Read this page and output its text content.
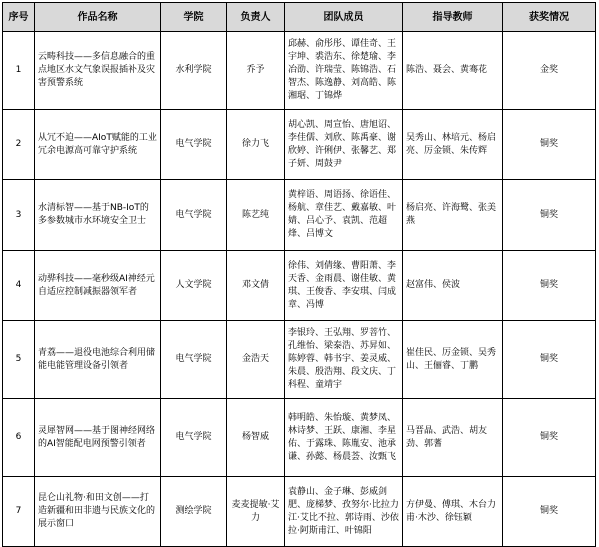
序号	作品名称	学院	负责人	团队成员	指导教师	获奖情况
1	云畴科技——多信息融合的重点地区水文气象误报插补及灾害预警系统	水利学院	乔予	邱赫、俞彤彤、谭佳奇、王宇坤、裘浩东、徐楚瑜、李冶劭、许瑞莹、陈锦浩、石智杰、陈逸静、刘高皓、陈湘琚、丁锦烨	陈浩、聂会、黄骞花	金奖
2	从冗不迫——AIoT赋能的工业冗余电源高可靠守护系统	电气学院	徐力飞	胡心凯、周宣怡、唐旭诏、李佳儒、刘欣、陈禹豪、谢欣婷、许俐伊、张馨艺、郑子妍、周鼓尹	吴秀山、林培元、杨启亮、厉金锁、朱传辉	铜奖
3	水清标智——基于NB-IoT的多参数城市水环境安全卫士	电气学院	陈艺纯	黄梓语、周语扬、徐语佳、杨航、章佳艺、戴嘉敏、叶婧、吕心予、袁凯、范超烽、吕博文	杨启亮、许海鹭、张美燕	铜奖
4	动骅科技——毫秒级AI神经元自适应控制减振器领军者	人文学院	邓文倩	徐伟、刘倩缘、曹阳萧、李天香、金雨晨、谢佳敏、黄琪、王俊香、李安琪、闫成章、冯博	赵富伟、侯波	铜奖
5	青荔——退役电池综合利用储能电能管理设备引领者	电气学院	金浩天	李银玲、王弘翔、罗菩竹、孔维怡、梁泰浩、苏昇如、陈婷蓉、韩书宇、姜灵威、朱晨、殷浩翔、段文庆、丁科程、童靖宇	崔佳民、厉金锁、吴秀山、王俪睿、丁鹏	铜奖
6	灵犀智网——基于图神经网络的AI智能配电网预警引领者	电气学院	杨智威	韩明皓、朱怡璇、黄梦凤、林诗梦、王跃、康湘、李星佑、于露珠、陈胤安、池承谦、孙懿、杨晨荟、汝甄飞	马晋晶、武浩、胡友劲、郭蓍	铜奖
7	昆仑山礼物·和田文创——打造新疆和田非遗与民族文化的展示窗口	测绘学院	麦麦提敏·艾力	袁静山、金子琳、彭威剑肥、庞梯梦、孜努尔·比拉力江·艾比不拉、郭诗雨、沙依拉·阿斯甫江、叶锦阳	方伊曼、傅琪、木台力甫·木沙、徐钰颖	铜奖
